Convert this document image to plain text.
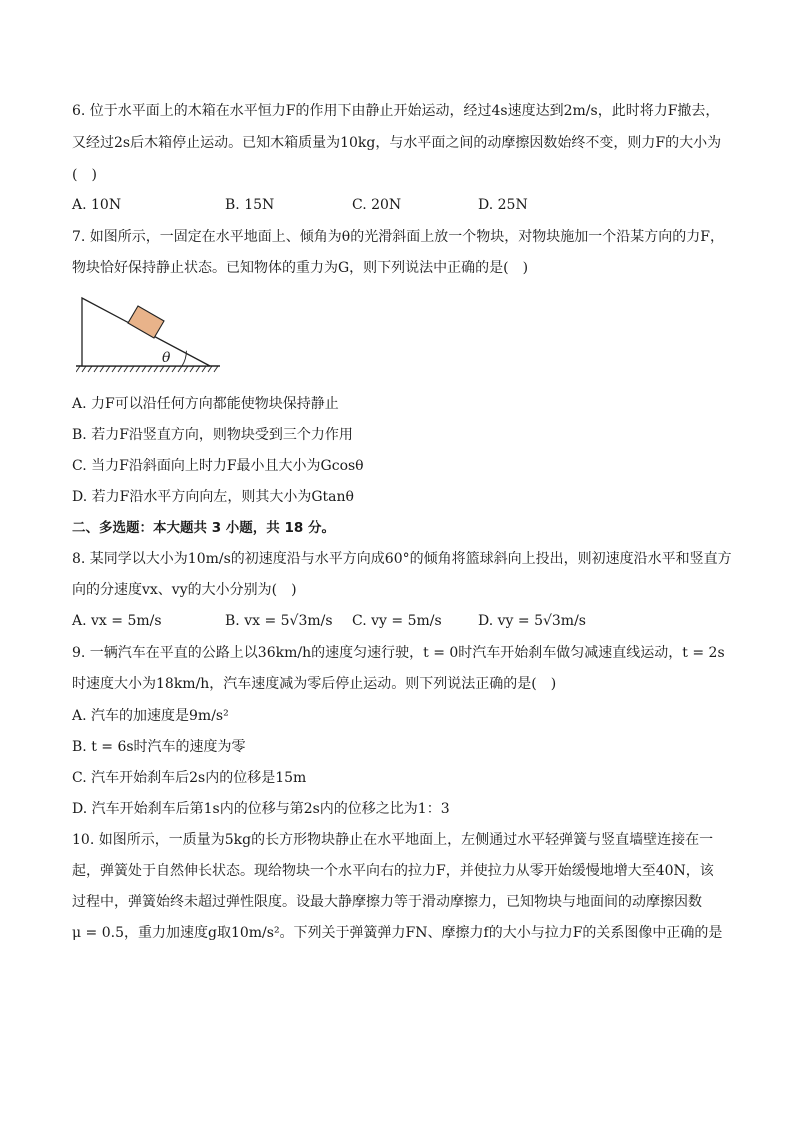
6. 位于水平面上的木箱在水平恒力F的作用下由静止开始运动，经过4s速度达到2m/s，此时将力F撤去，
又经过2s后木箱停止运动。已知木箱质量为10kg，与水平面之间的动摩擦因数始终不变，则力F的大小为
(　)
A. 10N	B. 15N	C. 20N	D. 25N
7. 如图所示，一固定在水平地面上、倾角为θ的光滑斜面上放一个物块，对物块施加一个沿某方向的力F，
物块恰好保持静止状态。已知物体的重力为G，则下列说法中正确的是(　)
θ
A. 力F可以沿任何方向都能使物块保持静止
B. 若力F沿竖直方向，则物块受到三个力作用
C. 当力F沿斜面向上时力F最小且大小为Gcosθ
D. 若力F沿水平方向向左，则其大小为Gtanθ
二、多选题：本大题共 3 小题，共 18 分。
8. 某同学以大小为10m/s的初速度沿与水平方向成60°的倾角将篮球斜向上投出，则初速度沿水平和竖直方
向的分速度vx、vy的大小分别为(　)
A. vx = 5m/s	B. vx = 5√3m/s C. vy = 5m/s	D. vy = 5√3m/s
9. 一辆汽车在平直的公路上以36km/h的速度匀速行驶，t = 0时汽车开始刹车做匀减速直线运动，t = 2s
时速度大小为18km/h，汽车速度减为零后停止运动。则下列说法正确的是(　)
A. 汽车的加速度是9m/s²
B. t = 6s时汽车的速度为零
C. 汽车开始刹车后2s内的位移是15m
D. 汽车开始刹车后第1s内的位移与第2s内的位移之比为1：3
10. 如图所示，一质量为5kg的长方形物块静止在水平地面上，左侧通过水平轻弹簧与竖直墙壁连接在一
起，弹簧处于自然伸长状态。现给物块一个水平向右的拉力F，并使拉力从零开始缓慢地增大至40N，该
过程中，弹簧始终未超过弹性限度。设最大静摩擦力等于滑动摩擦力，已知物块与地面间的动摩擦因数
μ = 0.5，重力加速度g取10m/s²。下列关于弹簧弹力FN、摩擦力f的大小与拉力F的关系图像中正确的是
